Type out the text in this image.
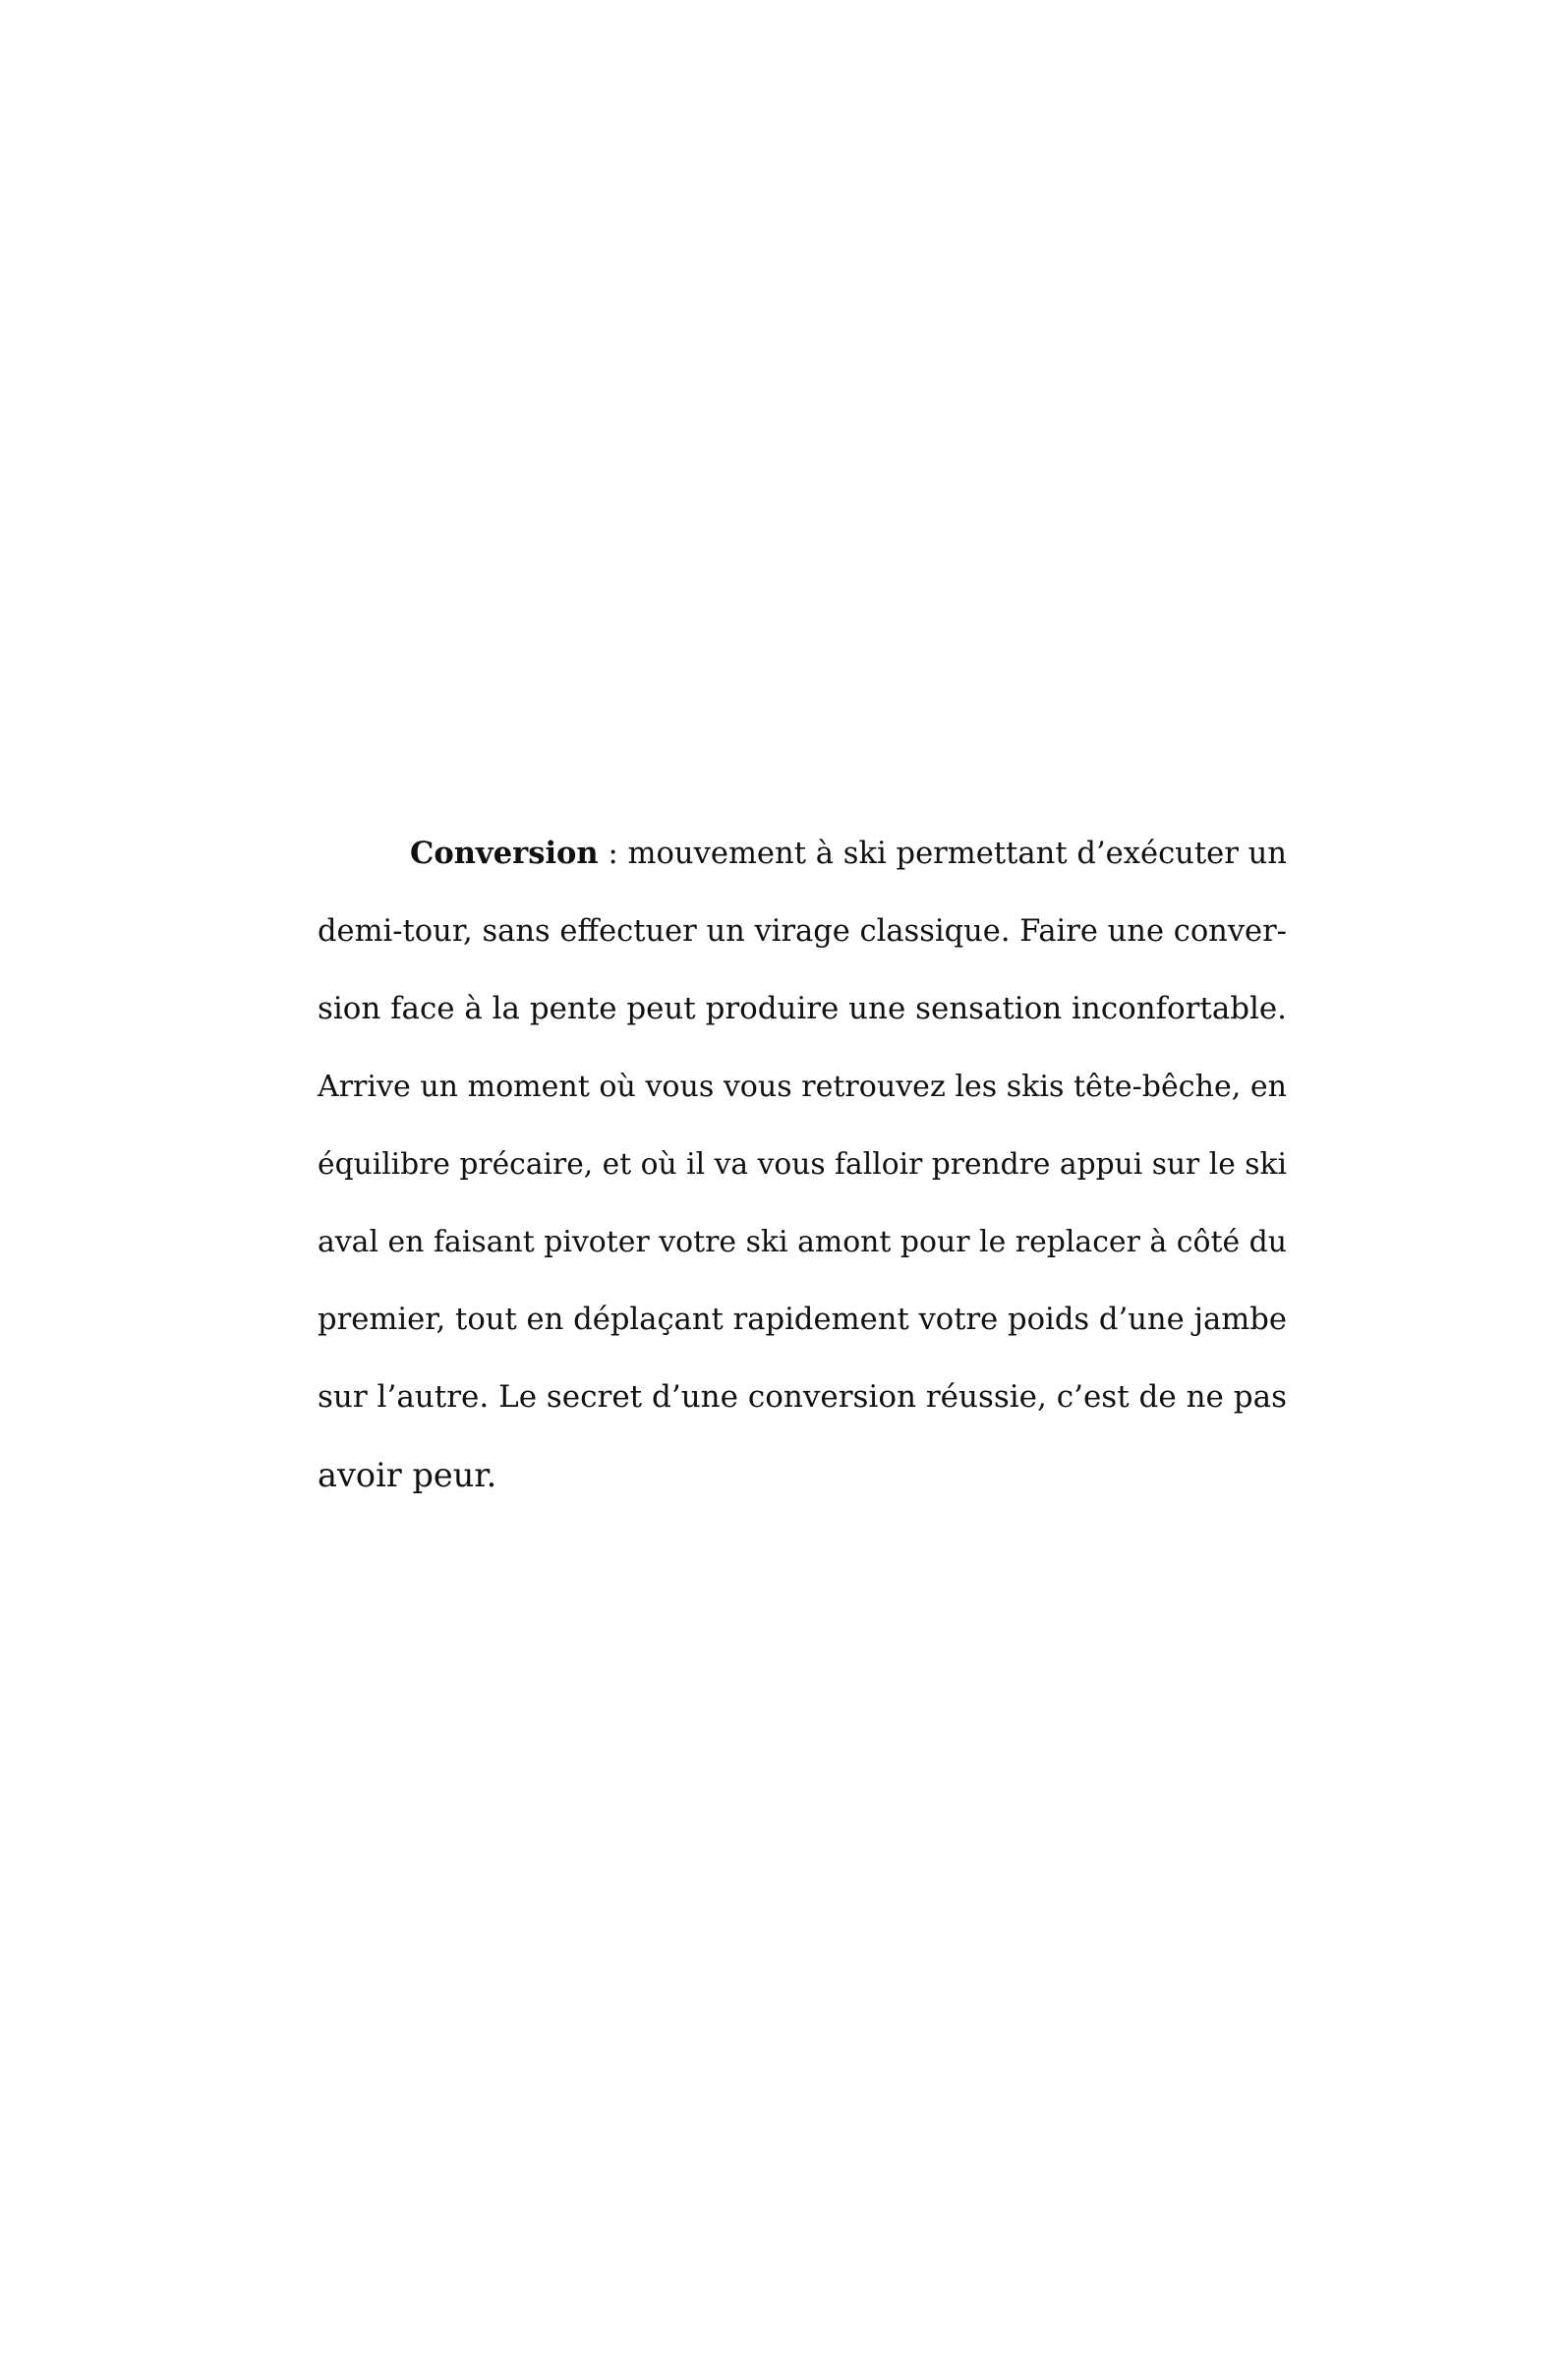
Conversion : mouvement à ski permettant d’exécuter un
demi-tour, sans effectuer un virage classique. Faire une conver-
sion face à la pente peut produire une sensation inconfortable.
Arrive un moment où vous vous retrouvez les skis tête-bêche, en
équilibre précaire, et où il va vous falloir prendre appui sur le ski
aval en faisant pivoter votre ski amont pour le replacer à côté du
premier, tout en déplaçant rapidement votre poids d’une jambe
sur l’autre. Le secret d’une conversion réussie, c’est de ne pas
avoir peur.
